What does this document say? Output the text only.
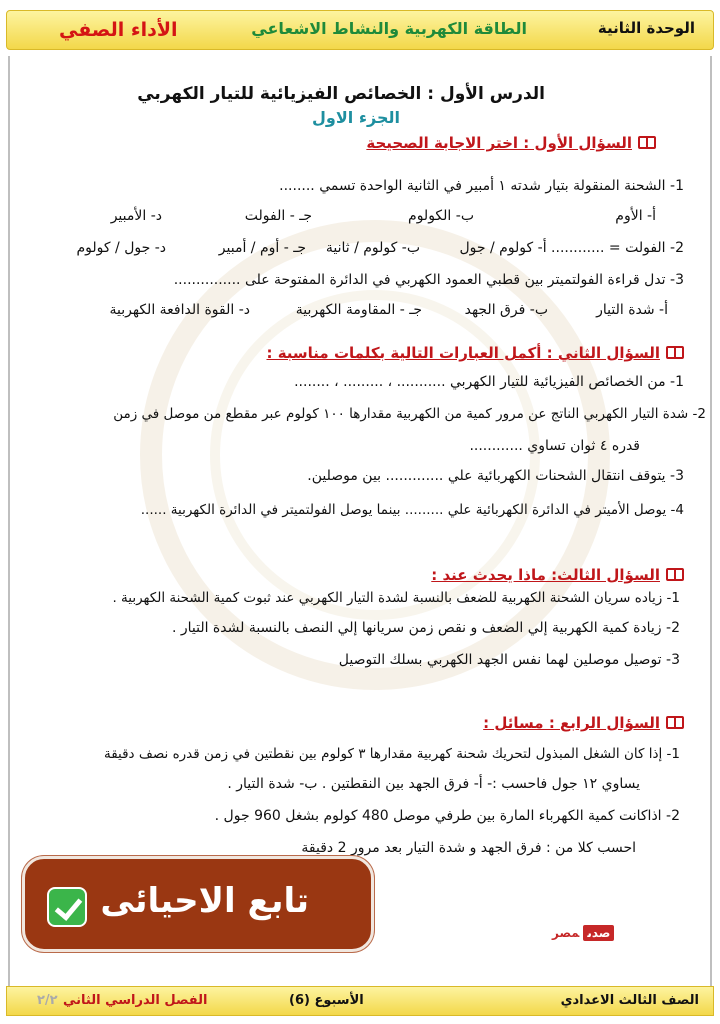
الوحدة الثانية
الطاقة الكهربية والنشاط الاشعاعي
الأداء الصفي
الدرس الأول : الخصائص الفيزيائية للتيار الكهربي
الجزء الاول
السؤال الأول : اختر الاجابة الصحيحة
1- الشحنة المنقولة بتيار شدته ١ أمبير في الثانية الواحدة تسمي ........
أ- الأوم
ب- الكولوم
جـ - الفولت
د- الأمبير
2- الفولت = ............ أ- كولوم / جول
ب- كولوم / ثانية
جـ - أوم / أمبير
د- جول / كولوم
3- تدل قراءة الفولتميتر بين قطبي العمود الكهربي في الدائرة المفتوحة على ...............
أ- شدة التيار
ب- فرق الجهد
جـ - المقاومة الكهربية
د- القوة الدافعة الكهربية
السؤال الثاني : أكمل العبارات التالية بكلمات مناسبة :
1- من الخصائص الفيزيائية للتيار الكهربي ........... ، ......... ، ........
2- شدة التيار الكهربي الناتج عن مرور كمية من الكهربية مقدارها ١٠٠ كولوم عبر مقطع من موصل في زمن
قدره ٤ ثوان تساوي ............
3- يتوقف انتقال الشحنات الكهربائية علي ............. بين موصلين.
4- يوصل الأميتر في الدائرة الكهربائية علي ......... بينما يوصل الفولتميتر في الدائرة الكهربية ......
السؤال الثالث: ماذا يحدث عند :
1- زياده سريان الشحنة الكهربية للضعف بالنسبة لشدة التيار الكهربي عند ثبوت كمية الشحنة الكهربية .
2- زيادة كمية الكهربية إلي الضعف و نقص زمن سريانها إلي النصف بالنسبة لشدة التيار .
3- توصيل موصلين لهما نفس الجهد الكهربي بسلك التوصيل
السؤال الرابع : مسائل :
1- إذا كان الشغل المبذول لتحريك شحنة كهربية مقدارها ٣ كولوم بين نقطتين في زمن قدره نصف دقيقة
يساوي ١٢ جول فاحسب :- أ- فرق الجهد بين النقطتين . ب- شدة التيار .
2- اذاكانت كمية الكهرباء المارة بين طرفي موصل 480 كولوم بشغل 960 جول .
احسب كلا من : فرق الجهد و شدة التيار بعد مرور 2 دقيقة
تابع الاحيائى
صدىمصر
الصف الثالث الاعدادي
الأسبوع (6)
الفصل الدراسي الثاني
٢/٢
